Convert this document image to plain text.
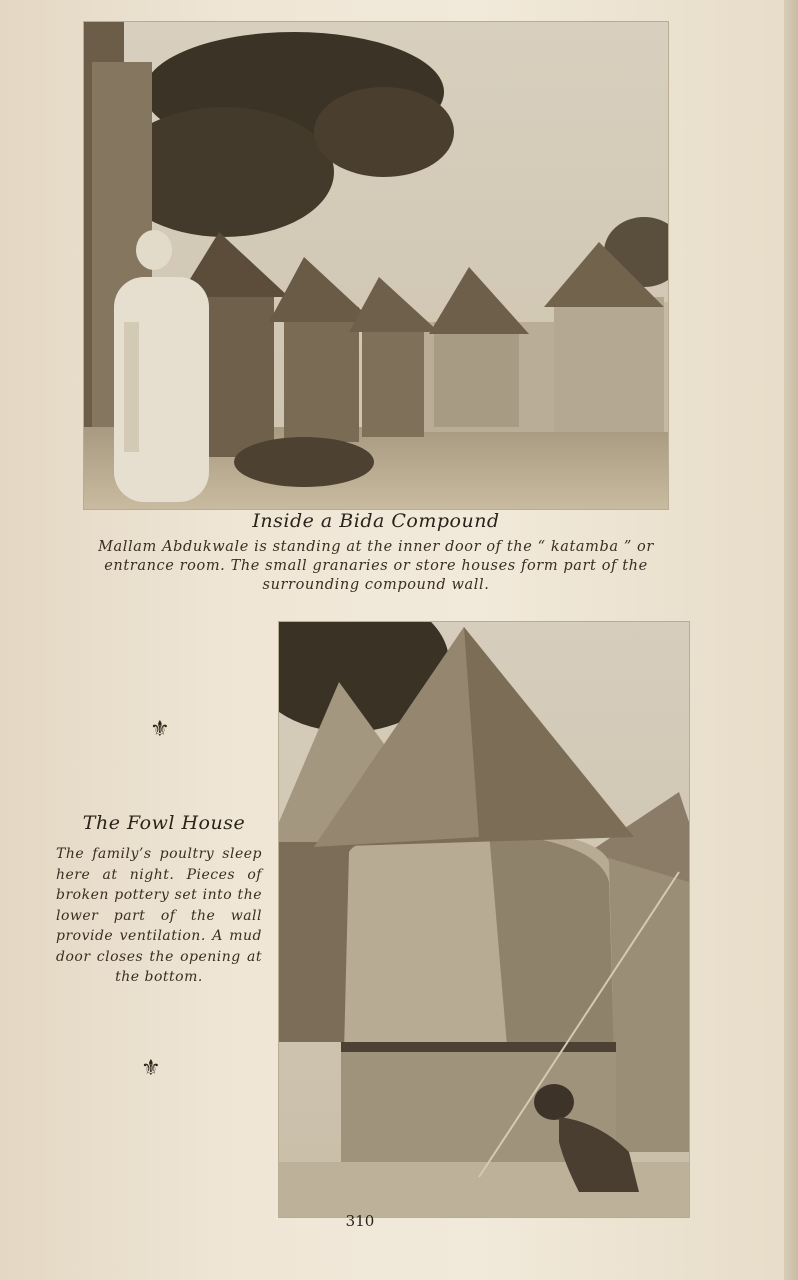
Inside a Bida Compound
Mallam Abdukwale is standing at the inner door of the “ katamba ” or entrance room. The small granaries or store houses form part of the surrounding compound wall.
⚜
The Fowl House
The family’s poultry sleep here at night. Pieces of broken pottery set into the lower part of the wall provide ventilation. A mud door closes the opening at the bottom.
⚜
310
